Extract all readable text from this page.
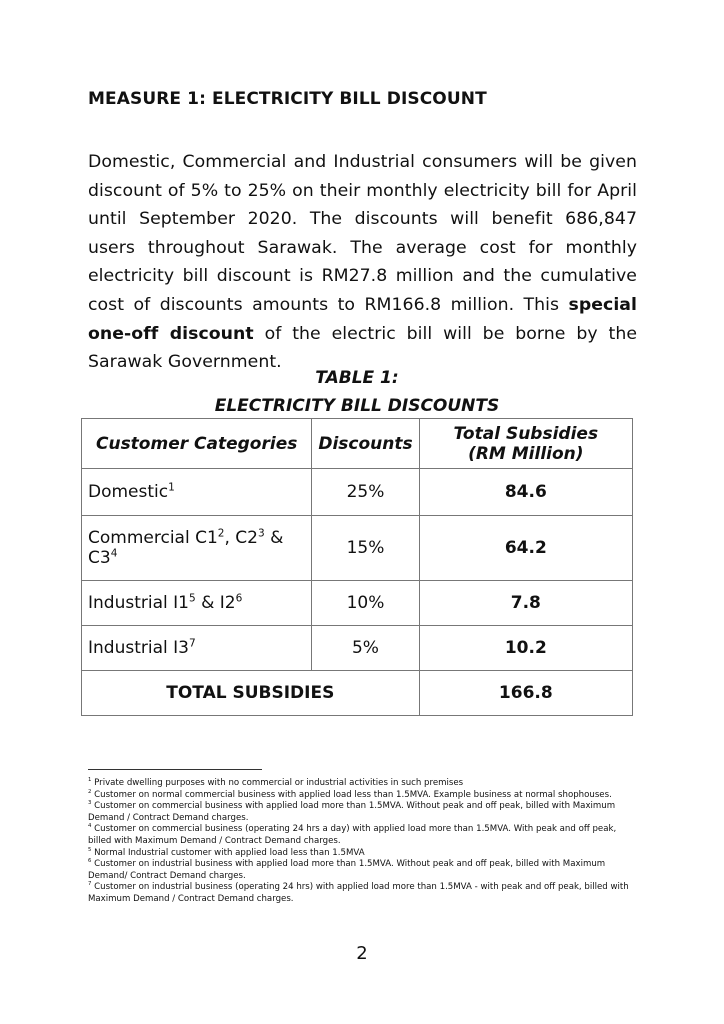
MEASURE 1: ELECTRICITY BILL DISCOUNT

Domestic, Commercial and Industrial consumers will be given discount of 5% to 25% on their monthly electricity bill for April until September 2020. The discounts will benefit 686,847 users throughout Sarawak. The average cost for monthly electricity bill discount is RM27.8 million and the cumulative cost of discounts amounts to RM166.8 million. This special one-off discount of the electric bill will be borne by the Sarawak Government.

TABLE 1:
ELECTRICITY BILL DISCOUNTS
Customer Categories	Discounts	Total Subsidies
(RM Million)
Domestic$^1$	25%	84.6
Commercial $C1^2$, $C2^3$ & $C3^4$	15%	64.2
Industrial $I1^5$ & $I2^6$	10%	7.8
Industrial $I3^7$	5%	10.2
TOTAL SUBSIDIES		166.8

$^1$ Private dwelling purposes with no commercial or industrial activities in such premises

$^2$ Customer on normal commercial business with applied load less than 1.5MVA. Example business at normal shophouses.

$^3$ Customer on commercial business with applied load more than 1.5MVA. Without peak and off peak, billed with Maximum Demand / Contract Demand charges.

$^4$ Customer on commercial business (operating 24 hrs a day) with applied load more than 1.5MVA. With peak and off peak, billed with Maximum Demand / Contract Demand charges.

$^5$ Normal Industrial customer with applied load less than 1.5MVA

$^6$ Customer on industrial business with applied load more than 1.5MVA. Without peak and off peak, billed with Maximum Demand/ Contract Demand charges.

$^7$ Customer on industrial business (operating 24 hrs) with applied load more than 1.5MVA - with peak and off peak, billed with Maximum Demand / Contract Demand charges.

2
